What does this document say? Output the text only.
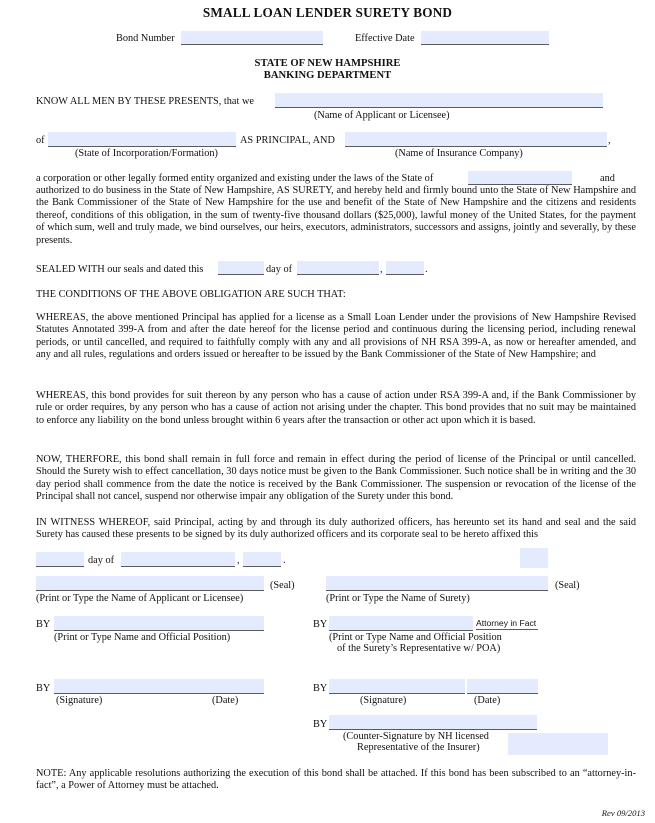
SMALL LOAN LENDER SURETY BOND
Bond Number	Effective Date
STATE OF NEW HAMPSHIRE
BANKING DEPARTMENT
KNOW ALL MEN BY THESE PRESENTS, that we
(Name of Applicant or Licensee)
of	AS PRINCIPAL, AND	,
(State of Incorporation/Formation)	(Name of Insurance Company)
a corporation or other legally formed entity organized and existing under the laws of the State of	and
authorized to do business in the State of New Hampshire, AS SURETY, and hereby held and firmly bound unto the State of New Hampshire and the Bank Commissioner of the State of New Hampshire for the use and benefit of the State of New Hampshire and the citizens and residents thereof, conditions of this obligation, in the sum of twenty-five thousand dollars ($25,000), lawful money of the United States, for the payment of which sum, well and truly made, we bind ourselves, our heirs, executors, administrators, successors and assigns, jointly and severally, by these presents.
SEALED WITH our seals and dated this	day of	,	.
THE CONDITIONS OF THE ABOVE OBLIGATION ARE SUCH THAT:
WHEREAS, the above mentioned Principal has applied for a license as a Small Loan Lender under the provisions of New Hampshire Revised Statutes Annotated 399-A from and after the date hereof for the license period and continuous during the licensing period, including renewal periods, or until cancelled, and required to faithfully comply with any and all provisions of NH RSA 399-A, as now or hereafter amended, and any and all rules, regulations and orders issued or hereafter to be issued by the Bank Commissioner of the State of New Hampshire; and
WHEREAS, this bond provides for suit thereon by any person who has a cause of action under RSA 399-A and, if the Bank Commissioner by rule or order requires, by any person who has a cause of action not arising under the chapter. This bond provides that no suit may be maintained to enforce any liability on the bond unless brought within 6 years after the transaction or other act upon which it is based.
NOW, THERFORE, this bond shall remain in full force and remain in effect during the period of license of the Principal or until cancelled. Should the Surety wish to effect cancellation, 30 days notice must be given to the Bank Commissioner. Such notice shall be in writing and the 30 day period shall commence from the date the notice is received by the Bank Commissioner. The suspension or revocation of the license of the Principal shall not cancel, suspend nor otherwise impair any obligation of the Surety under this bond.
IN WITNESS WHEREOF, said Principal, acting by and through its duly authorized officers, has hereunto set its hand and seal and the said Surety has caused these presents to be signed by its duly authorized officers and its corporate seal to be hereto affixed this
day of	,	.
(Seal)	(Seal)
(Print or Type the Name of Applicant or Licensee)	(Print or Type the Name of Surety)
BY	BY	Attorney in Fact
(Print or Type Name and Official Position)	(Print or Type Name and Official Position
of the Surety’s Representative w/ POA)
BY	BY
(Signature)	(Date)	(Signature)	(Date)
BY
(Counter-Signature by NH licensed
Representative of the Insurer)
NOTE: Any applicable resolutions authorizing the execution of this bond shall be attached. If this bond has been subscribed to an “attorney-in-fact”, a Power of Attorney must be attached.
Rev 09/2013
